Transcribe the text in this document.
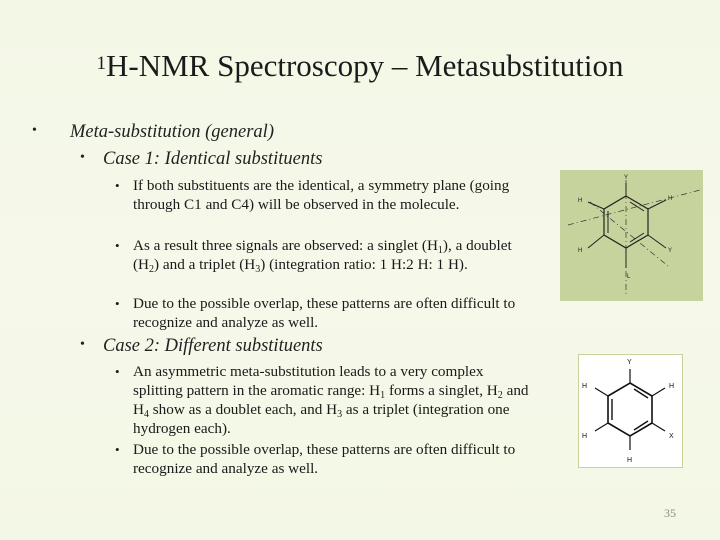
$^1$H-NMR Spectroscopy – Metasubstitution
• Meta-substitution (general)
• Case 1: Identical substituents
• If both substituents are the identical, a symmetry plane (going through C1 and C4) will be observed in the molecule.
• As a result three signals are observed: a singlet $(H_1)$, a doublet $(H_2)$ and a triplet $(H_3)$ (integration ratio: 1 H:2 H: 1 H).
• Due to the possible overlap, these patterns are often difficult to recognize and analyze as well.
• Case 2: Different substituents
• An asymmetric meta-substitution leads to a very complex splitting pattern in the aromatic range: $H_1$ forms a singlet, $H_2$ and $H_4$ show as a doublet each, and $H_3$ as a triplet (integration one hydrogen each).
• Due to the possible overlap, these patterns are often difficult to recognize and analyze as well.
Y
H
H
H
Y
L
Y
H	H
H	X
H
35
